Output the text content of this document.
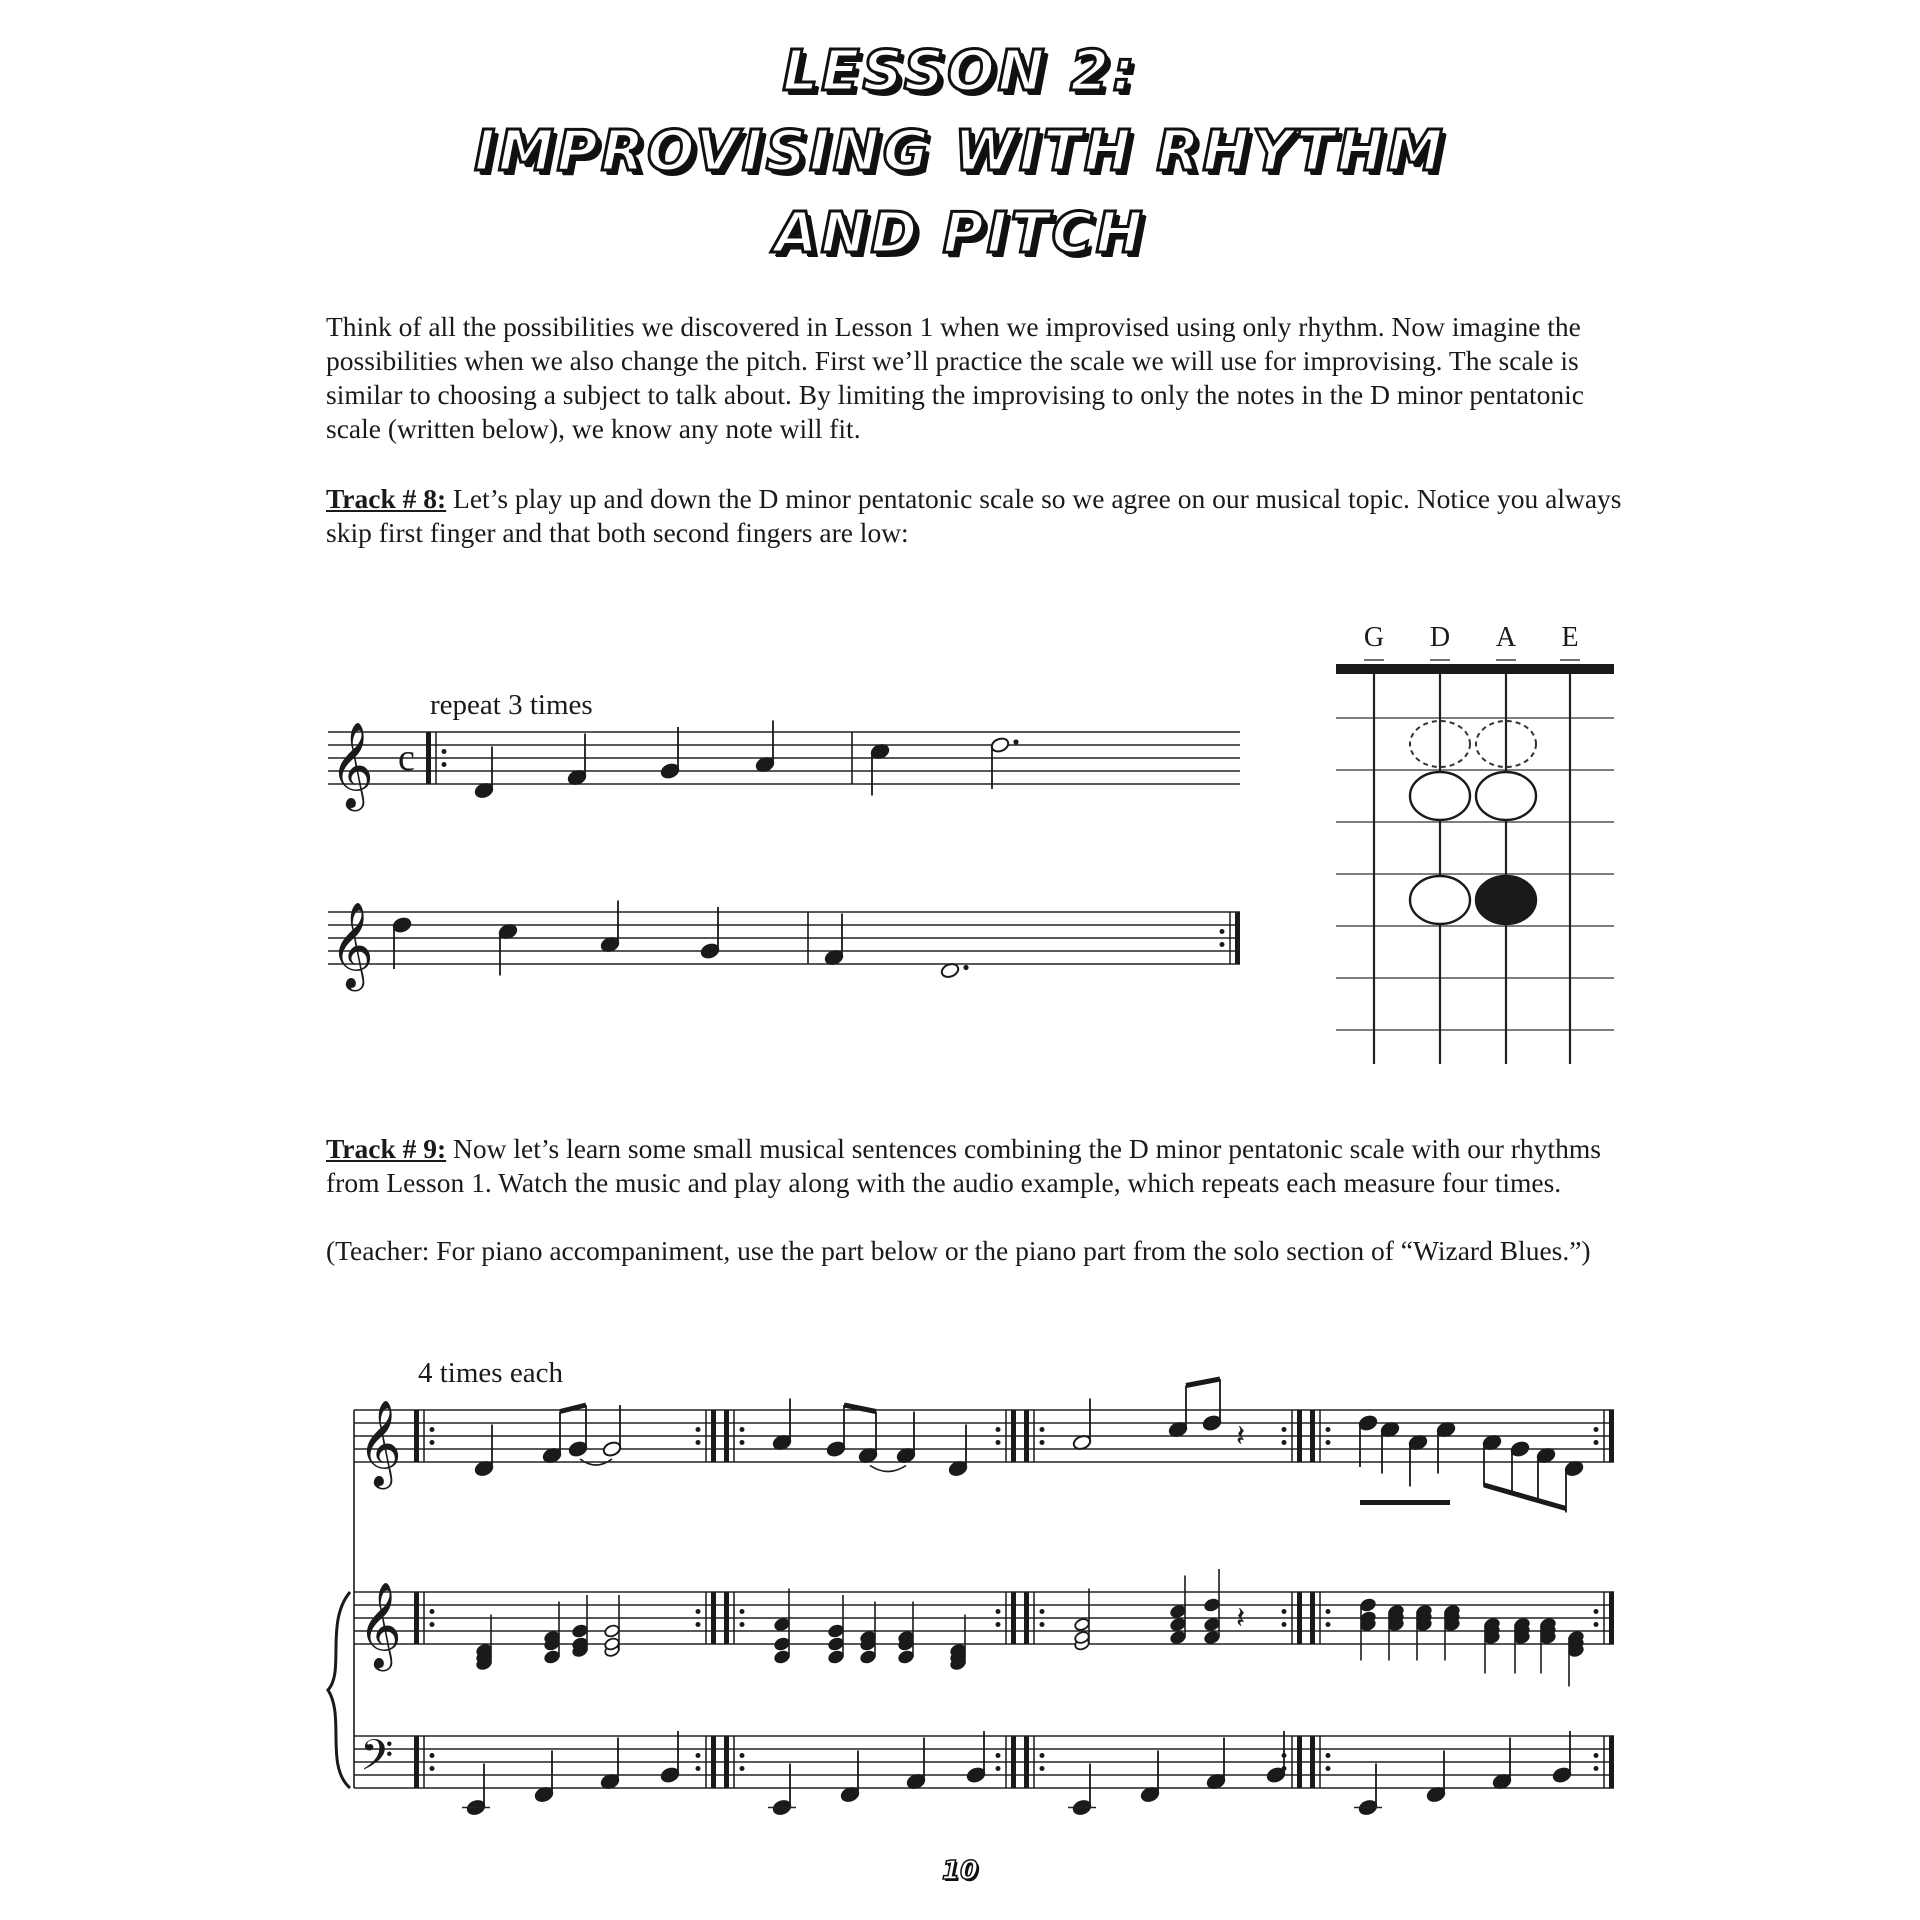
LESSON 2:
IMPROVISING WITH RHYTHM
AND PITCH

Think of all the possibilities we discovered in Lesson 1 when we improvised using only rhythm. Now imagine the possibilities when we also change the pitch. First we’ll practice the scale we will use for improvising. The scale is similar to choosing a subject to talk about. By limiting the improvising to only the notes in the D minor pentatonic scale (written below), we know any note will fit.

Track # 8: Let’s play up and down the D minor pentatonic scale so we agree on our musical topic. Notice you always skip first finger and that both second fingers are low:

Track # 9: Now let’s learn some small musical sentences combining the D minor pentatonic scale with our rhythms from Lesson 1. Watch the music and play along with the audio example, which repeats each measure four times.

(Teacher: For piano accompaniment, use the part below or the piano part from the solo section of “Wizard Blues.”)

𝄞 c
𝄞
G D A E
𝄞
𝄞
𝄢
𝄽
𝄽
repeat 3 times
4 times each
10
